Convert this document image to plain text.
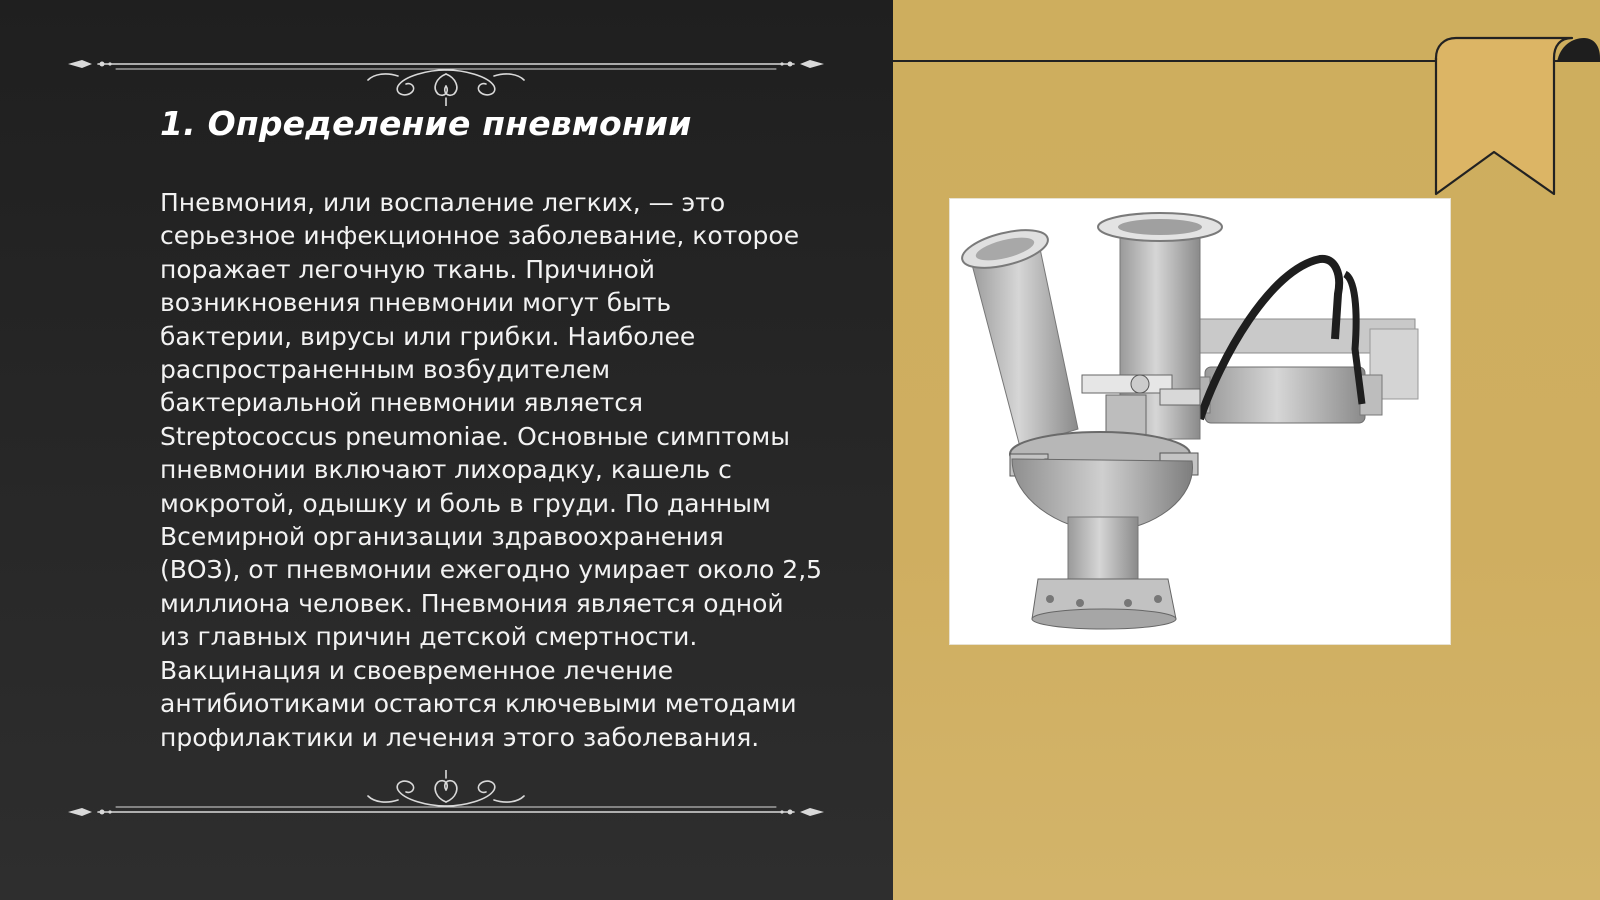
1. Определение пневмонии

Пневмония, или воспаление легких, — это
серьезное инфекционное заболевание, которое
поражает легочную ткань. Причиной
возникновения пневмонии могут быть
бактерии, вирусы или грибки. Наиболее
распространенным возбудителем
бактериальной пневмонии является
Streptococcus pneumoniae. Основные симптомы
пневмонии включают лихорадку, кашель с
мокротой, одышку и боль в груди. По данным
Всемирной организации здравоохранения
(ВОЗ), от пневмонии ежегодно умирает около 2,5
миллиона человек. Пневмония является одной
из главных причин детской смертности.
Вакцинация и своевременное лечение
антибиотиками остаются ключевыми методами
профилактики и лечения этого заболевания.
